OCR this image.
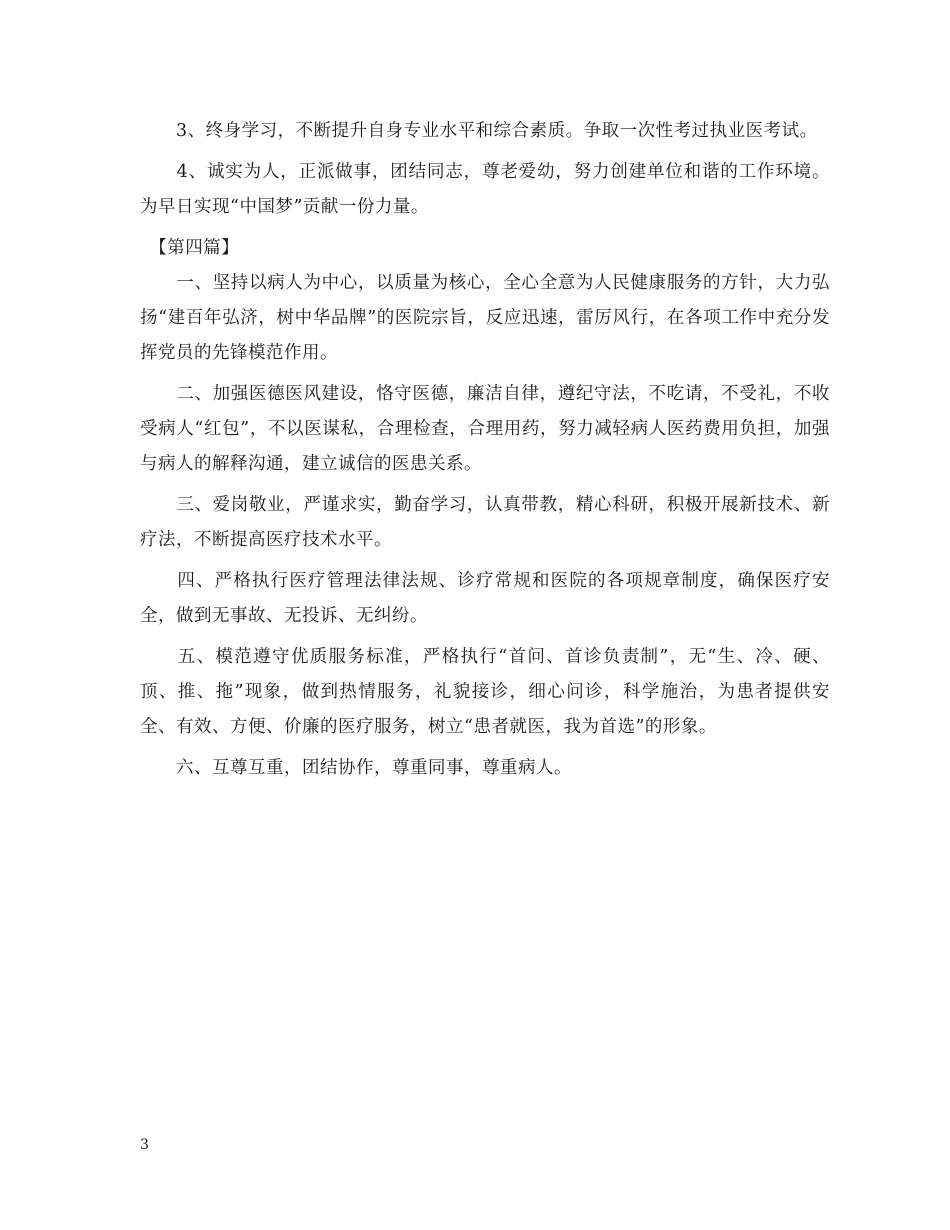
　　3、终身学习，不断提升自身专业水平和综合素质。争取一次性考过执业医考试。

　　4、诚实为人，正派做事，团结同志，尊老爱幼，努力创建单位和谐的工作环境。为早日实现“中国梦”贡献一份力量。

　【第四篇】

　　一、坚持以病人为中心，以质量为核心，全心全意为人民健康服务的方针，大力弘扬“建百年弘济，树中华品牌”的医院宗旨，反应迅速，雷厉风行，在各项工作中充分发挥党员的先锋模范作用。

　　二、加强医德医风建设，恪守医德，廉洁自律，遵纪守法，不吃请，不受礼，不收受病人“红包”，不以医谋私，合理检查，合理用药，努力减轻病人医药费用负担，加强与病人的解释沟通，建立诚信的医患关系。

　　三、爱岗敬业，严谨求实，勤奋学习，认真带教，精心科研，积极开展新技术、新疗法，不断提高医疗技术水平。

　　四、严格执行医疗管理法律法规、诊疗常规和医院的各项规章制度，确保医疗安全，做到无事故、无投诉、无纠纷。

　　五、模范遵守优质服务标准，严格执行“首问、首诊负责制”，无“生、冷、硬、顶、推、拖”现象，做到热情服务，礼貌接诊，细心问诊，科学施治，为患者提供安全、有效、方便、价廉的医疗服务，树立“患者就医，我为首选”的形象。

　　六、互尊互重，团结协作，尊重同事，尊重病人。

3
